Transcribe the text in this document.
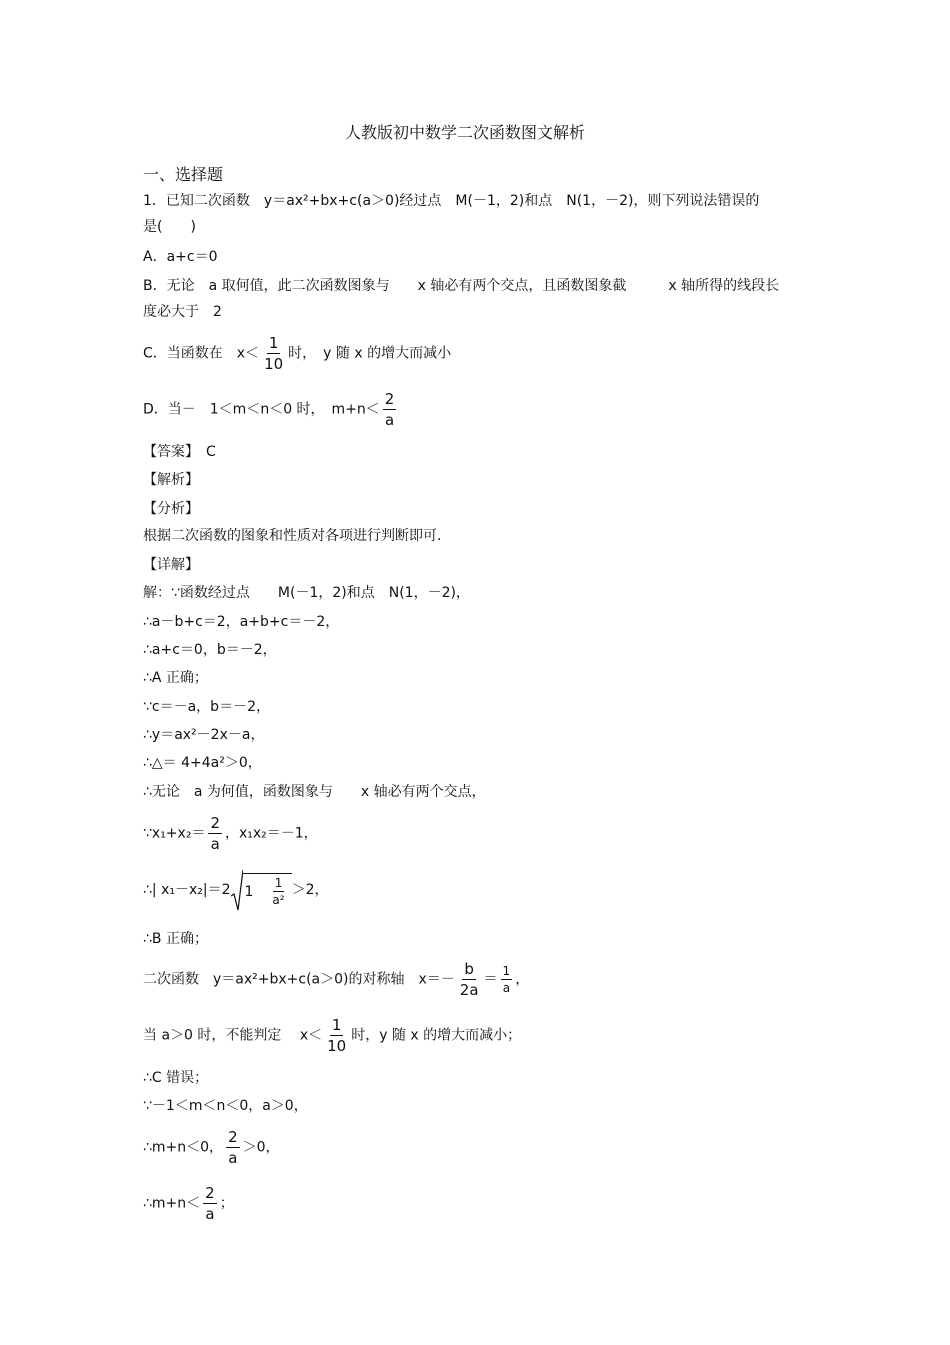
人教版初中数学二次函数图文解析
一、选择题
1．已知二次函数　y＝ax²+bx+c(a＞0)经过点　M(－1，2)和点　N(1，－2)，则下列说法错误的
是(　　)
A．a+c＝0
B．无论　a 取何值，此二次函数图象与　　x 轴必有两个交点，且函数图象截　　　x 轴所得的线段长
度必大于　2
C．当函数在　$x< \frac{1}{10}$ 时，　y 随 x 的增大而减小
D．当－　1＜m＜n＜0 时，　$m+n< \frac{2}{a}$
【答案】　C
【解析】
【分析】
根据二次函数的图象和性质对各项进行判断即可.
【详解】
解：∵函数经过点　　M(－1，2)和点　N(1，－2)，
∴a－b+c＝2，a+b+c＝－2，
∴a+c＝0，b＝－2，
∴A 正确；
∵c＝－a，b＝－2，
∴y＝ax²－2x－a，
∴△＝ 4+4a²＞0，
∴无论　a 为何值，函数图象与　　x 轴必有两个交点，
∵x₁+x₂＝ $\frac{2}{a}$ ，x₁x₂＝－1，
∴| x₁－x₂|＝2 1
  $\frac{1}{\text{a²}} >2$，
∴B 正确；
二次函数　y＝ax²+bx+c(a＞0)的对称轴　$x=- \frac{b}{2a} = \frac{1}{a}$ ，
当 a＞0 时，不能判定　 $x< \frac{1}{10}$ 时，y 随 x 的增大而减小；
∴C 错误；
∵－1＜m＜n＜0，a＞0，
∴m+n＜0， $\frac{2}{a} >0$，
∴m+n＜ $\frac{2}{a}$ ；
